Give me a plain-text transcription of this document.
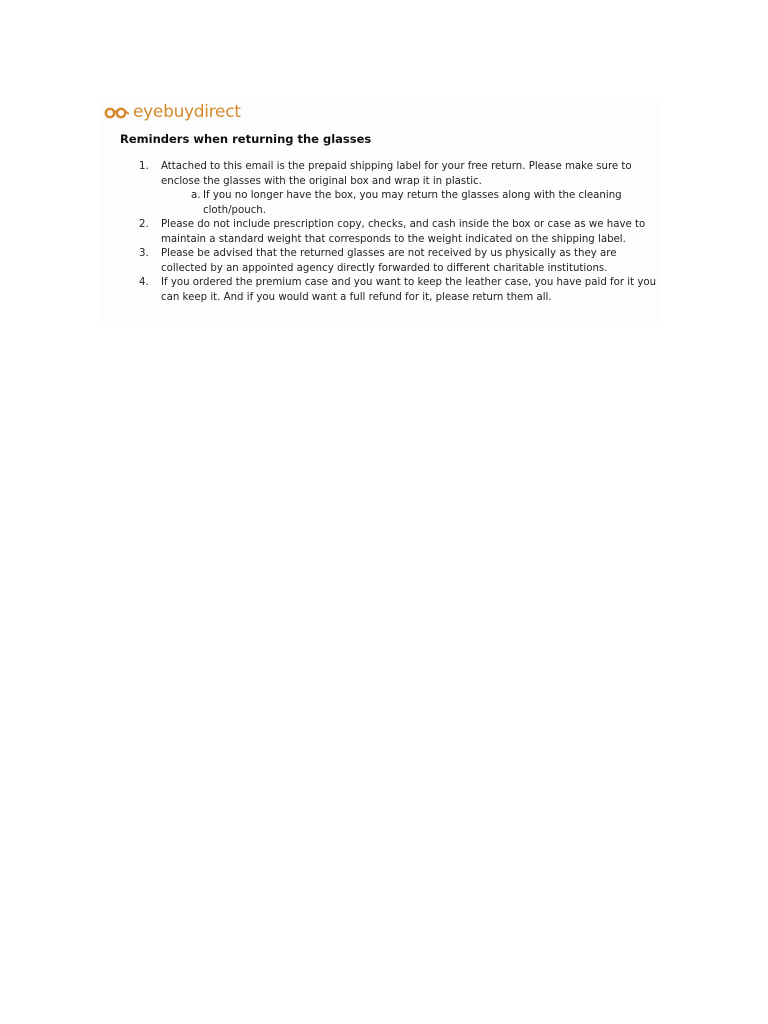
eyebuydirect
Reminders when returning the glasses
1.	Attached to this email is the prepaid shipping label for your free return. Please make sure to
enclose the glasses with the original box and wrap it in plastic.
a. If you no longer have the box, you may return the glasses along with the cleaning
cloth/pouch.
2.	Please do not include prescription copy, checks, and cash inside the box or case as we have to
maintain a standard weight that corresponds to the weight indicated on the shipping label.
3.	Please be advised that the returned glasses are not received by us physically as they are
collected by an appointed agency directly forwarded to different charitable institutions.
4.	If you ordered the premium case and you want to keep the leather case, you have paid for it you
can keep it. And if you would want a full refund for it, please return them all.
